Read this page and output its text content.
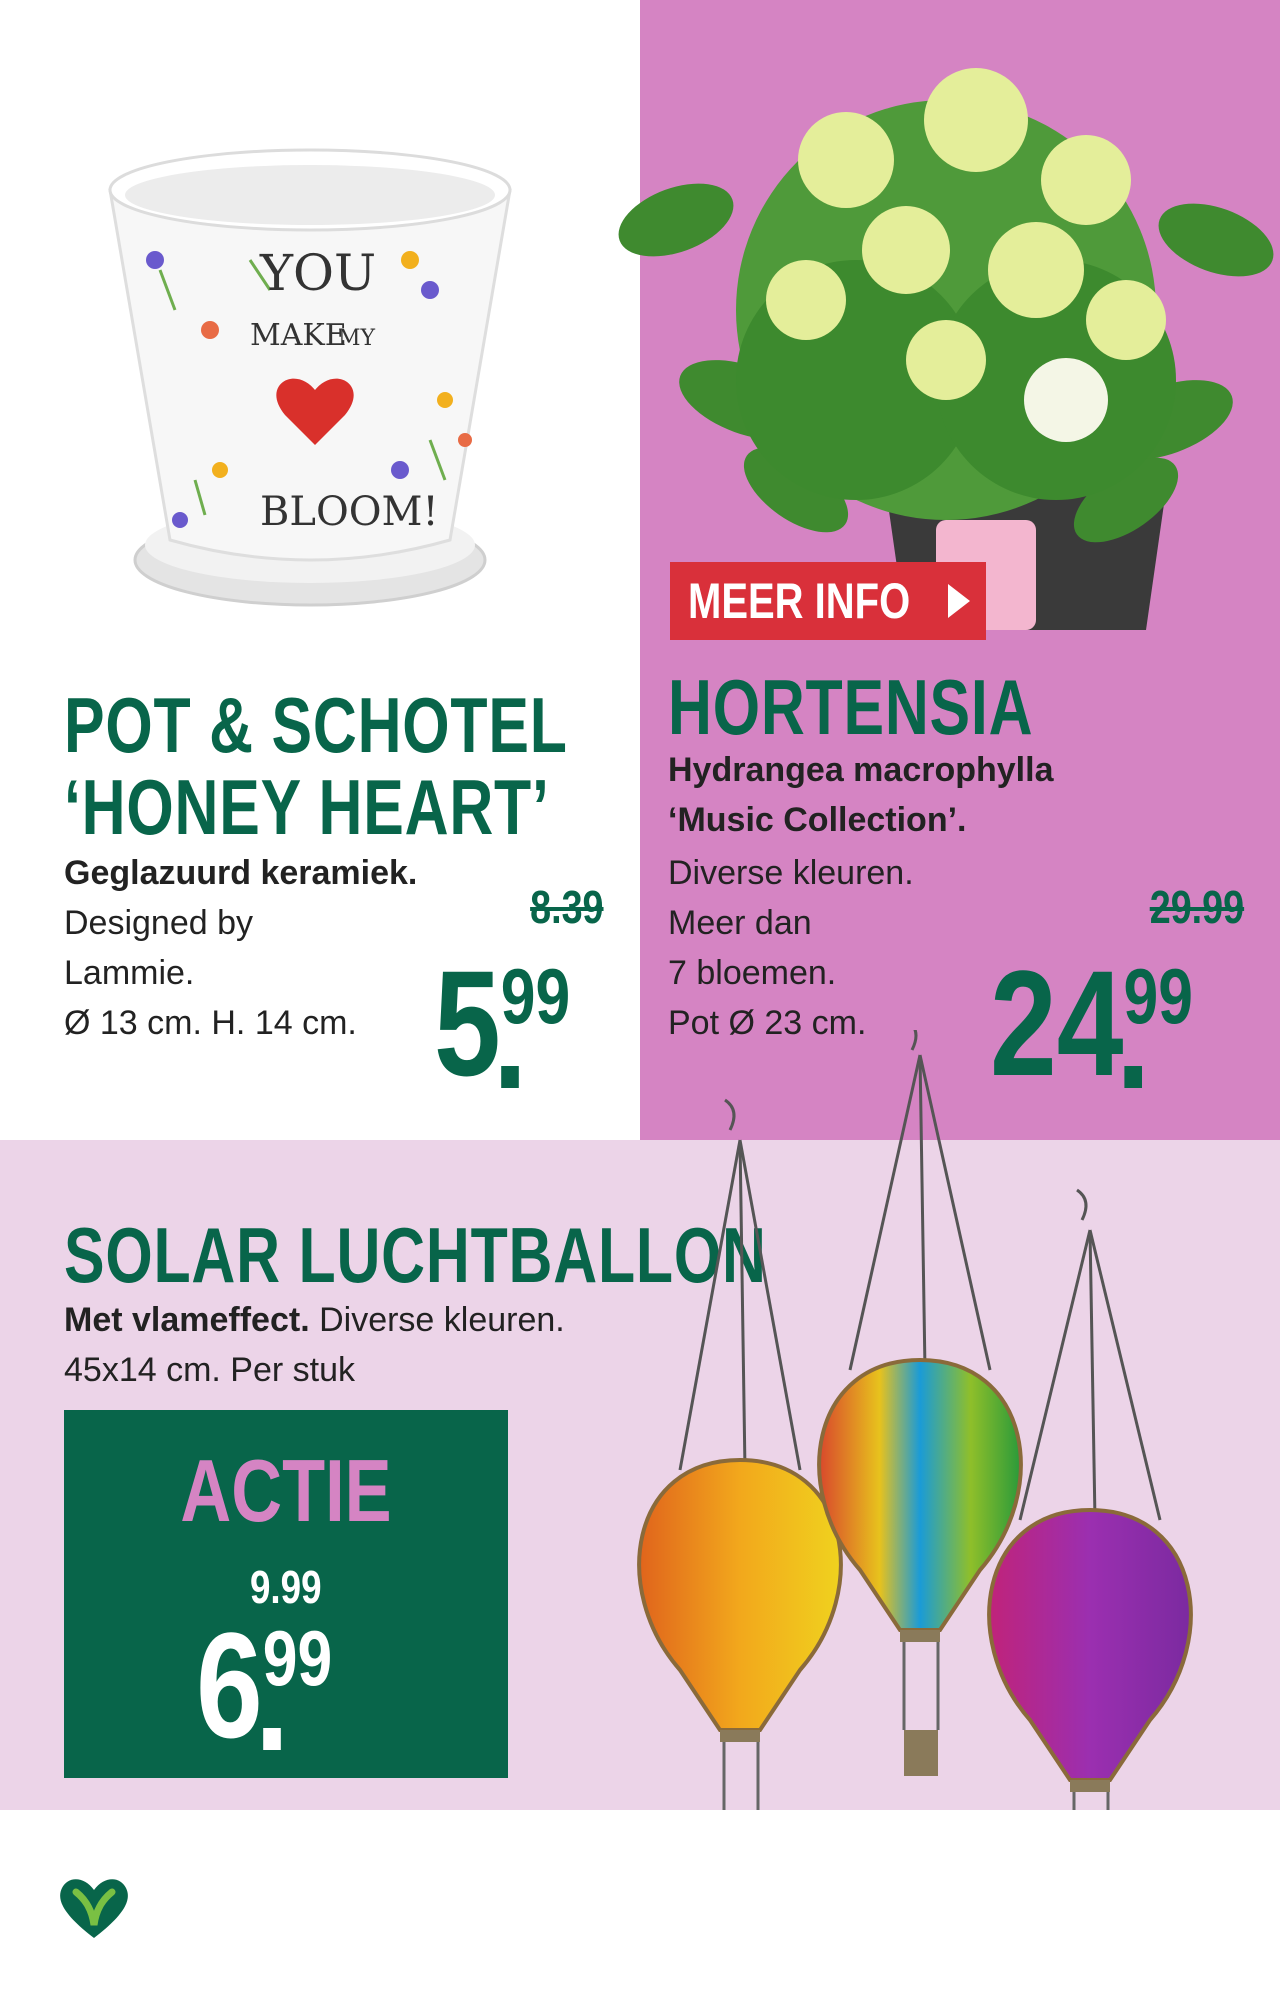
YOU
MAKE
MY
BLOOM!
POT & SCHOTEL
‘HONEY HEART’
Geglazuurd keramiek.
Designed by
Lammie.
Ø 13 cm. H. 14 cm.
8.39
599
HORTENSIA
Hydrangea macrophylla
‘Music Collection’.
Diverse kleuren.
Meer dan
7 bloemen.
Pot Ø 23 cm.
29.99
2499
MEER INFO
SOLAR LUCHTBALLON
Met vlameffect. Diverse kleuren.
45x14 cm. Per stuk
ACTIE
9.99
699
